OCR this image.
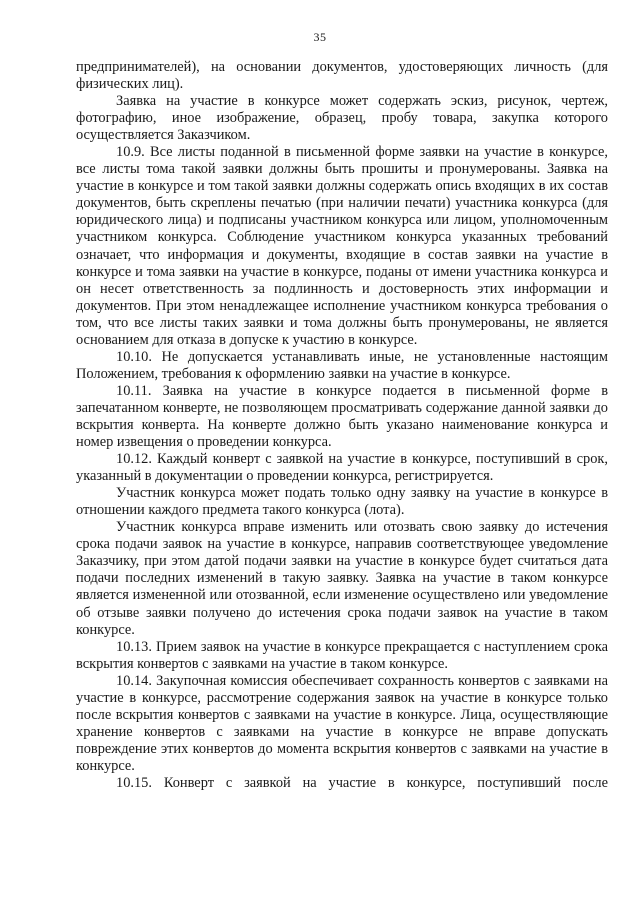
35

предпринимателей), на основании документов, удостоверяющих личность (для физических лиц).

Заявка на участие в конкурсе может содержать эскиз, рисунок, чертеж, фотографию, иное изображение, образец, пробу товара, закупка которого осуществляется Заказчиком.

10.9. Все листы поданной в письменной форме заявки на участие в конкурсе, все листы тома такой заявки должны быть прошиты и пронумерованы. Заявка на участие в конкурсе и том такой заявки должны содержать опись входящих в их состав документов, быть скреплены печатью (при наличии печати) участника конкурса (для юридического лица) и подписаны участником конкурса или лицом, уполномоченным участником конкурса. Соблюдение участником конкурса указанных требований означает, что информация и документы, входящие в состав заявки на участие в конкурсе и тома заявки на участие в конкурсе, поданы от имени участника конкурса и он несет ответственность за подлинность и достоверность этих информации и документов. При этом ненадлежащее исполнение участником конкурса требования о том, что все листы таких заявки и тома должны быть пронумерованы, не является основанием для отказа в допуске к участию в конкурсе.

10.10. Не допускается устанавливать иные, не установленные настоящим Положением, требования к оформлению заявки на участие в конкурсе.

10.11. Заявка на участие в конкурсе подается в письменной форме в запечатанном конверте, не позволяющем просматривать содержание данной заявки до вскрытия конверта. На конверте должно быть указано наименование конкурса и номер извещения о проведении конкурса.

10.12. Каждый конверт с заявкой на участие в конкурсе, поступивший в срок, указанный в документации о проведении конкурса, регистрируется.

Участник конкурса может подать только одну заявку на участие в конкурсе в отношении каждого предмета такого конкурса (лота).

Участник конкурса вправе изменить или отозвать свою заявку до истечения срока подачи заявок на участие в конкурсе, направив соответствующее уведомление Заказчику, при этом датой подачи заявки на участие в конкурсе будет считаться дата подачи последних изменений в такую заявку. Заявка на участие в таком конкурсе является измененной или отозванной, если изменение осуществлено или уведомление об отзыве заявки получено до истечения срока подачи заявок на участие в таком конкурсе.

10.13. Прием заявок на участие в конкурсе прекращается с наступлением срока вскрытия конвертов с заявками на участие в таком конкурсе.

10.14. Закупочная комиссия обеспечивает сохранность конвертов с заявками на участие в конкурсе, рассмотрение содержания заявок на участие в конкурсе только после вскрытия конвертов с заявками на участие в конкурсе. Лица, осуществляющие хранение конвертов с заявками на участие в конкурсе не вправе допускать повреждение этих конвертов до момента вскрытия конвертов с заявками на участие в конкурсе.

10.15. Конверт с заявкой на участие в конкурсе, поступивший после
